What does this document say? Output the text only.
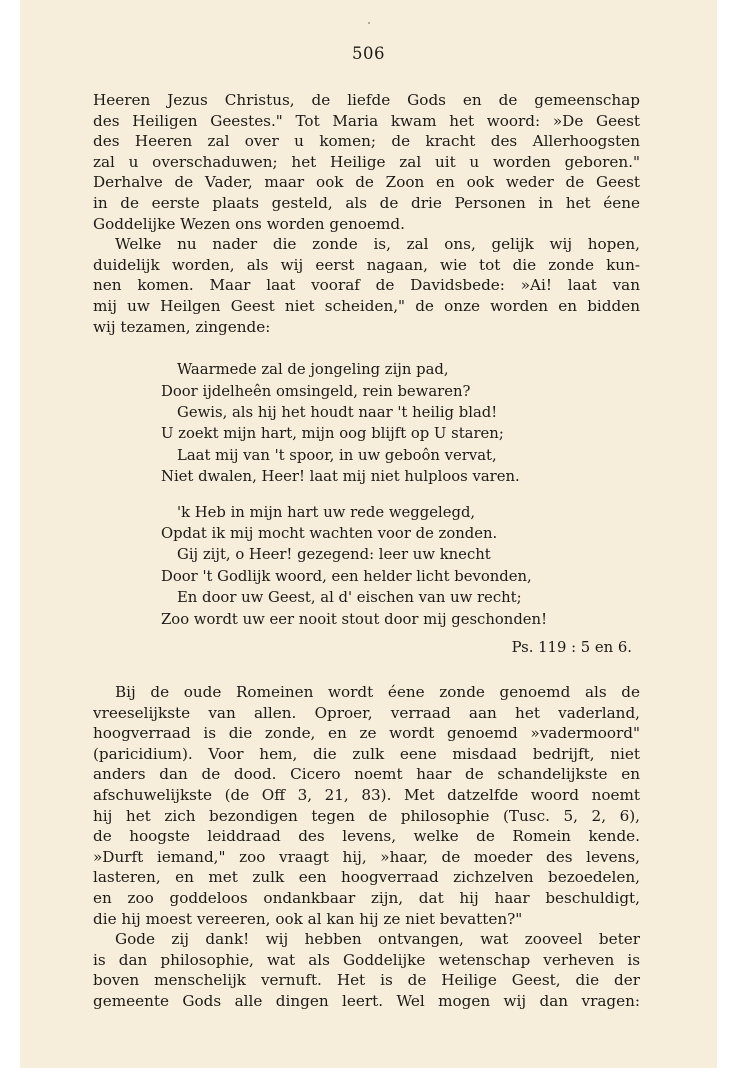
506

Heeren Jezus Christus, de liefde Gods en de gemeenschap
des Heiligen Geestes." Tot Maria kwam het woord: »De Geest
des Heeren zal over u komen; de kracht des Allerhoogsten
zal u overschaduwen; het Heilige zal uit u worden geboren."
Derhalve de Vader, maar ook de Zoon en ook weder de Geest
in de eerste plaats gesteld, als de drie Personen in het éene
Goddelijke Wezen ons worden genoemd.

Welke nu nader die zonde is, zal ons, gelijk wij hopen,
duidelijk worden, als wij eerst nagaan, wie tot die zonde kun-
nen komen. Maar laat vooraf de Davidsbede: »Ai! laat van
mij uw Heilgen Geest niet scheiden," de onze worden en bidden
wij tezamen, zingende:

Waarmede zal de jongeling zijn pad,
Door ijdelheên omsingeld, rein bewaren?
Gewis, als hij het houdt naar 't heilig blad!
U zoekt mijn hart, mijn oog blijft op U staren;
Laat mij van 't spoor, in uw geboôn vervat,
Niet dwalen, Heer! laat mij niet hulploos varen.
'k Heb in mijn hart uw rede weggelegd,
Opdat ik mij mocht wachten voor de zonden.
Gij zijt, o Heer! gezegend: leer uw knecht
Door 't Godlijk woord, een helder licht bevonden,
En door uw Geest, al d' eischen van uw recht;
Zoo wordt uw eer nooit stout door mij geschonden!
Ps. 119 : 5 en 6.

Bij de oude Romeinen wordt éene zonde genoemd als de
vreeselijkste van allen. Oproer, verraad aan het vaderland,
hoogverraad is die zonde, en ze wordt genoemd »vadermoord"
(paricidium). Voor hem, die zulk eene misdaad bedrijft, niet
anders dan de dood. Cicero noemt haar de schandelijkste en
afschuwelijkste (de Off 3, 21, 83). Met datzelfde woord noemt
hij het zich bezondigen tegen de philosophie (Tusc. 5, 2, 6),
de hoogste leiddraad des levens, welke de Romein kende.
»Durft iemand," zoo vraagt hij, »haar, de moeder des levens,
lasteren, en met zulk een hoogverraad zichzelven bezoedelen,
en zoo goddeloos ondankbaar zijn, dat hij haar beschuldigt,
die hij moest vereeren, ook al kan hij ze niet bevatten?"

Gode zij dank! wij hebben ontvangen, wat zooveel beter
is dan philosophie, wat als Goddelijke wetenschap verheven is
boven menschelijk vernuft. Het is de Heilige Geest, die der
gemeente Gods alle dingen leert. Wel mogen wij dan vragen:
